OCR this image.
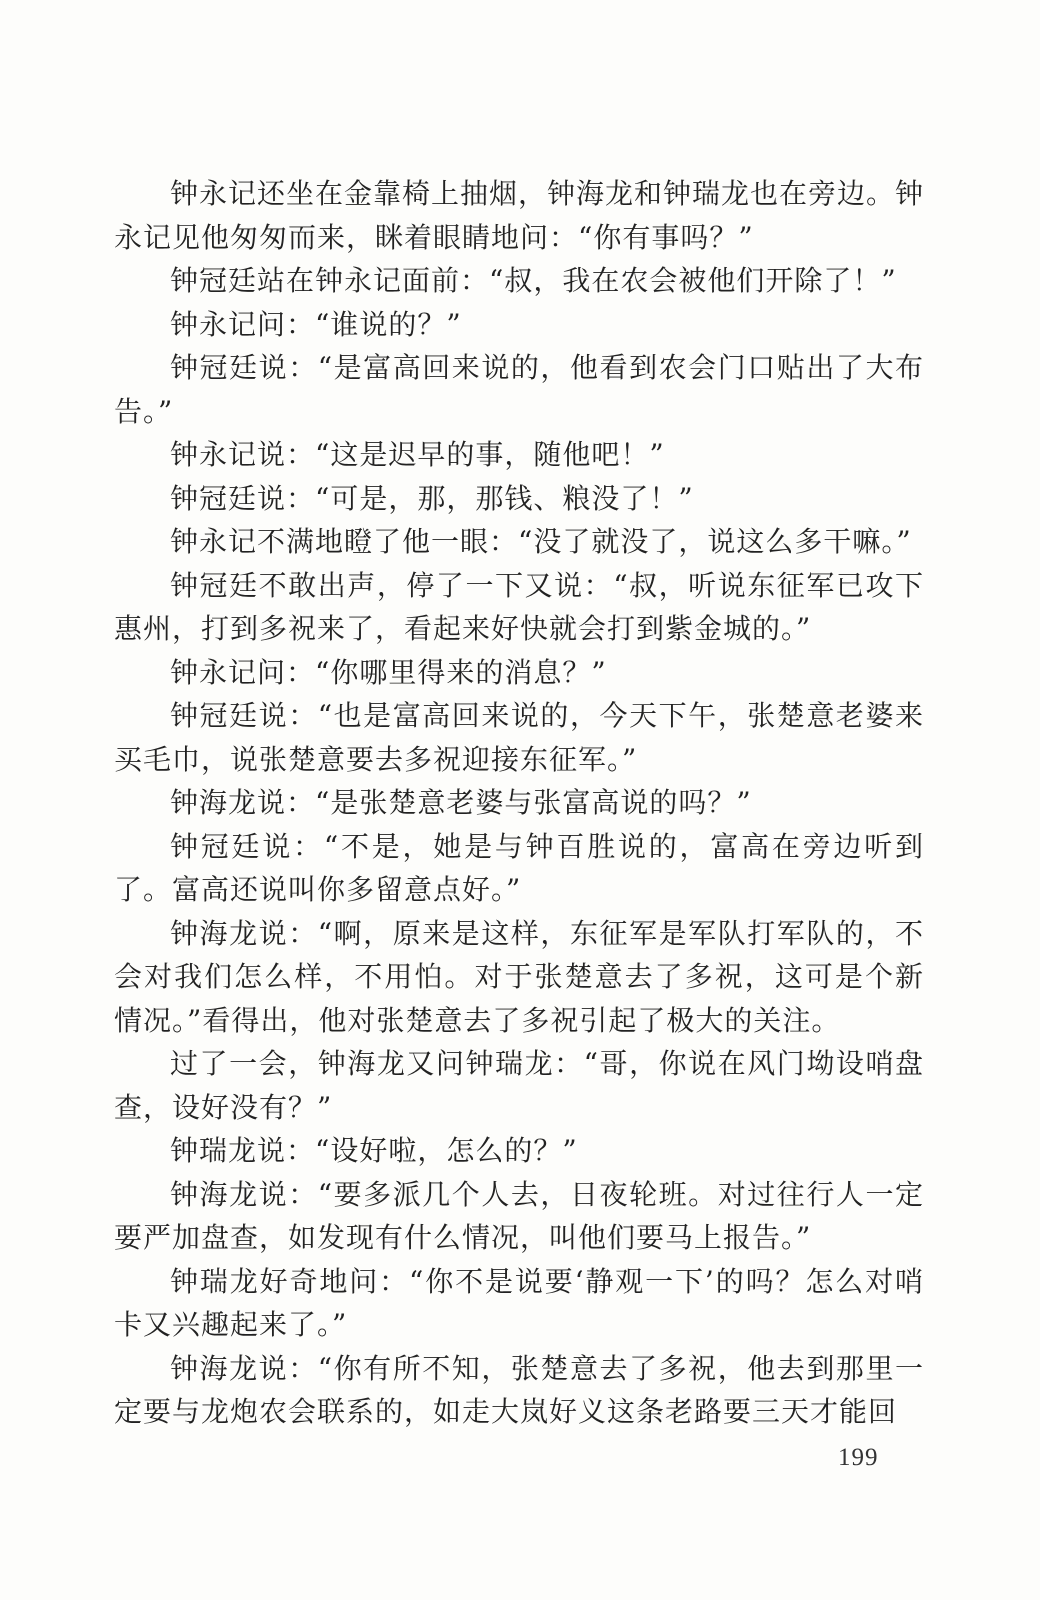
钟永记还坐在金靠椅上抽烟，钟海龙和钟瑞龙也在旁边。钟永记见他匆匆而来，眯着眼睛地问：“你有事吗？”

钟冠廷站在钟永记面前：“叔，我在农会被他们开除了！”

钟永记问：“谁说的？”

钟冠廷说：“是富高回来说的，他看到农会门口贴出了大布告。”

钟永记说：“这是迟早的事，随他吧！”

钟冠廷说：“可是，那，那钱、粮没了！”

钟永记不满地瞪了他一眼：“没了就没了，说这么多干嘛。”

钟冠廷不敢出声，停了一下又说：“叔，听说东征军已攻下惠州，打到多祝来了，看起来好快就会打到紫金城的。”

钟永记问：“你哪里得来的消息？”

钟冠廷说：“也是富高回来说的，今天下午，张楚意老婆来买毛巾，说张楚意要去多祝迎接东征军。”

钟海龙说：“是张楚意老婆与张富高说的吗？”

钟冠廷说：“不是，她是与钟百胜说的，富高在旁边听到了。富高还说叫你多留意点好。”

钟海龙说：“啊，原来是这样，东征军是军队打军队的，不会对我们怎么样，不用怕。对于张楚意去了多祝，这可是个新情况。”看得出，他对张楚意去了多祝引起了极大的关注。

过了一会，钟海龙又问钟瑞龙：“哥，你说在风门坳设哨盘查，设好没有？”

钟瑞龙说：“设好啦，怎么的？”

钟海龙说：“要多派几个人去，日夜轮班。对过往行人一定要严加盘查，如发现有什么情况，叫他们要马上报告。”

钟瑞龙好奇地问：“你不是说要‘静观一下’的吗？怎么对哨卡又兴趣起来了。”

钟海龙说：“你有所不知，张楚意去了多祝，他去到那里一定要与龙炮农会联系的，如走大岚好义这条老路要三天才能回

199
